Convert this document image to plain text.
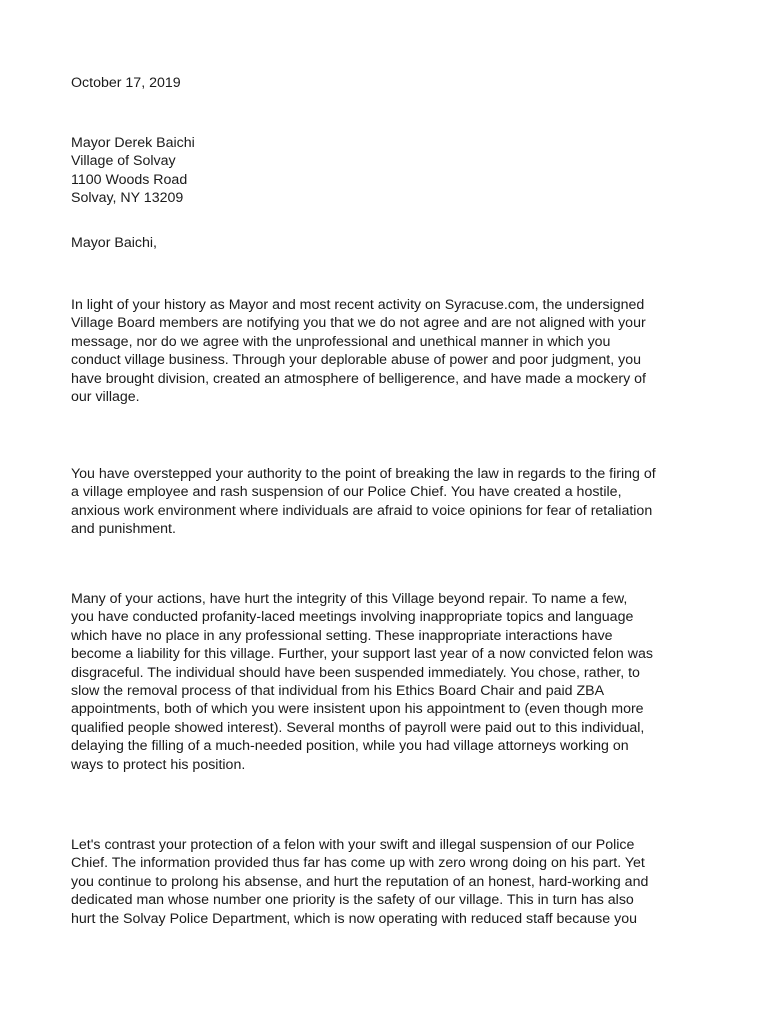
October 17, 2019
Mayor Derek Baichi
Village of Solvay
1100 Woods Road
Solvay, NY 13209
Mayor Baichi,
In light of your history as Mayor and most recent activity on Syracuse.com, the undersigned
Village Board members are notifying you that we do not agree and are not aligned with your
message, nor do we agree with the unprofessional and unethical manner in which you
conduct village business. Through your deplorable abuse of power and poor judgment, you
have brought division, created an atmosphere of belligerence, and have made a mockery of
our village.
You have overstepped your authority to the point of breaking the law in regards to the firing of
a village employee and rash suspension of our Police Chief. You have created a hostile,
anxious work environment where individuals are afraid to voice opinions for fear of retaliation
and punishment.
Many of your actions, have hurt the integrity of this Village beyond repair. To name a few,
you have conducted profanity-laced meetings involving inappropriate topics and language
which have no place in any professional setting. These inappropriate interactions have
become a liability for this village. Further, your support last year of a now convicted felon was
disgraceful. The individual should have been suspended immediately. You chose, rather, to
slow the removal process of that individual from his Ethics Board Chair and paid ZBA
appointments, both of which you were insistent upon his appointment to (even though more
qualified people showed interest). Several months of payroll were paid out to this individual,
delaying the filling of a much-needed position, while you had village attorneys working on
ways to protect his position.
Let's contrast your protection of a felon with your swift and illegal suspension of our Police
Chief. The information provided thus far has come up with zero wrong doing on his part. Yet
you continue to prolong his absense, and hurt the reputation of an honest, hard-working and
dedicated man whose number one priority is the safety of our village. This in turn has also
hurt the Solvay Police Department, which is now operating with reduced staff because you
